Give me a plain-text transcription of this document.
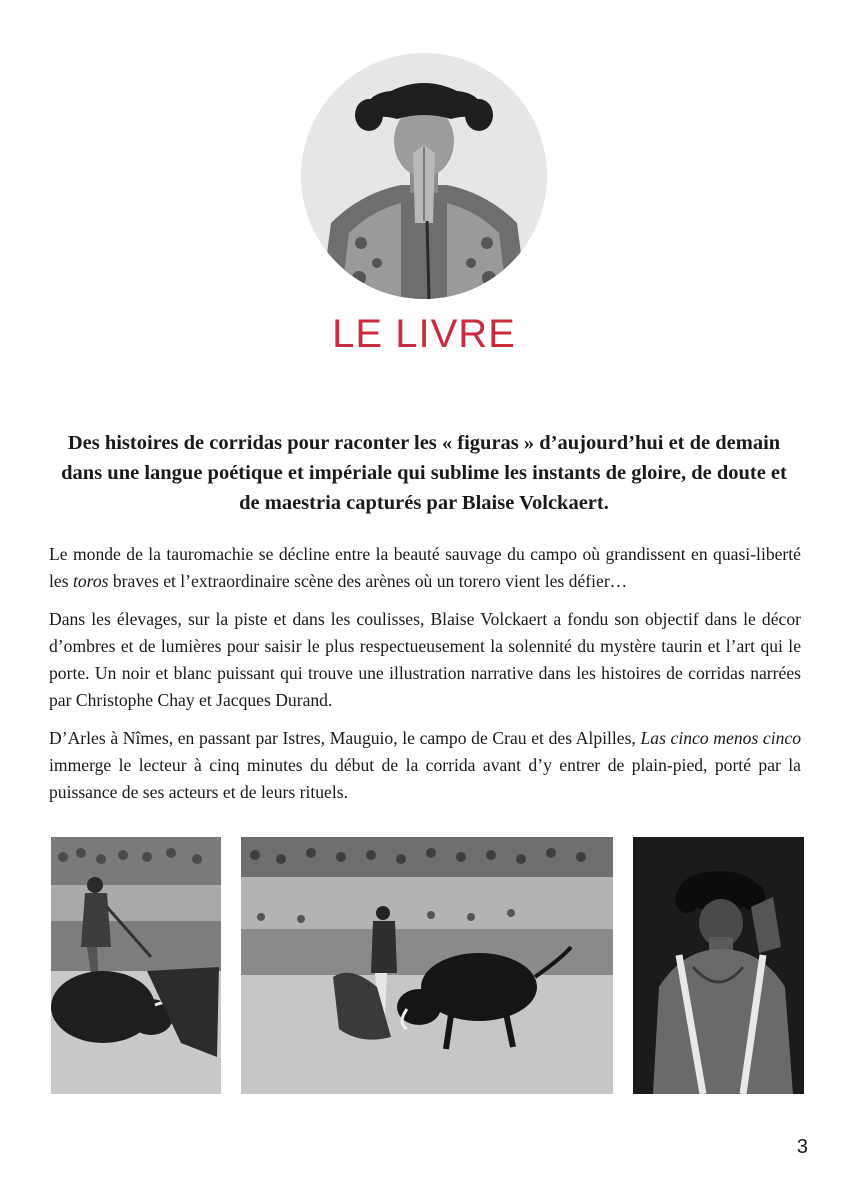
LE LIVRE

Des histoires de corridas pour raconter les « figuras » d’aujourd’hui et de demain dans une langue poétique et impériale qui sublime les instants de gloire, de doute et de maestria capturés par Blaise Volckaert.

Le monde de la tauromachie se décline entre la beauté sauvage du campo où grandissent en quasi-liberté les toros braves et l’extraordinaire scène des arènes où un torero vient les défier…

Dans les élevages, sur la piste et dans les coulisses, Blaise Volckaert a fondu son objectif dans le décor d’ombres et de lumières pour saisir le plus respectueusement la solennité du mystère taurin et l’art qui le porte. Un noir et blanc puissant qui trouve une illustration narrative dans les histoires de corridas narrées par Christophe Chay et Jacques Durand.

D’Arles à Nîmes, en passant par Istres, Mauguio, le campo de Crau et des Alpilles, Las cinco menos cinco immerge le lecteur à cinq minutes du début de la corrida avant d’y entrer de plain-pied, porté par la puissance de ses acteurs et de leurs rituels.

3
